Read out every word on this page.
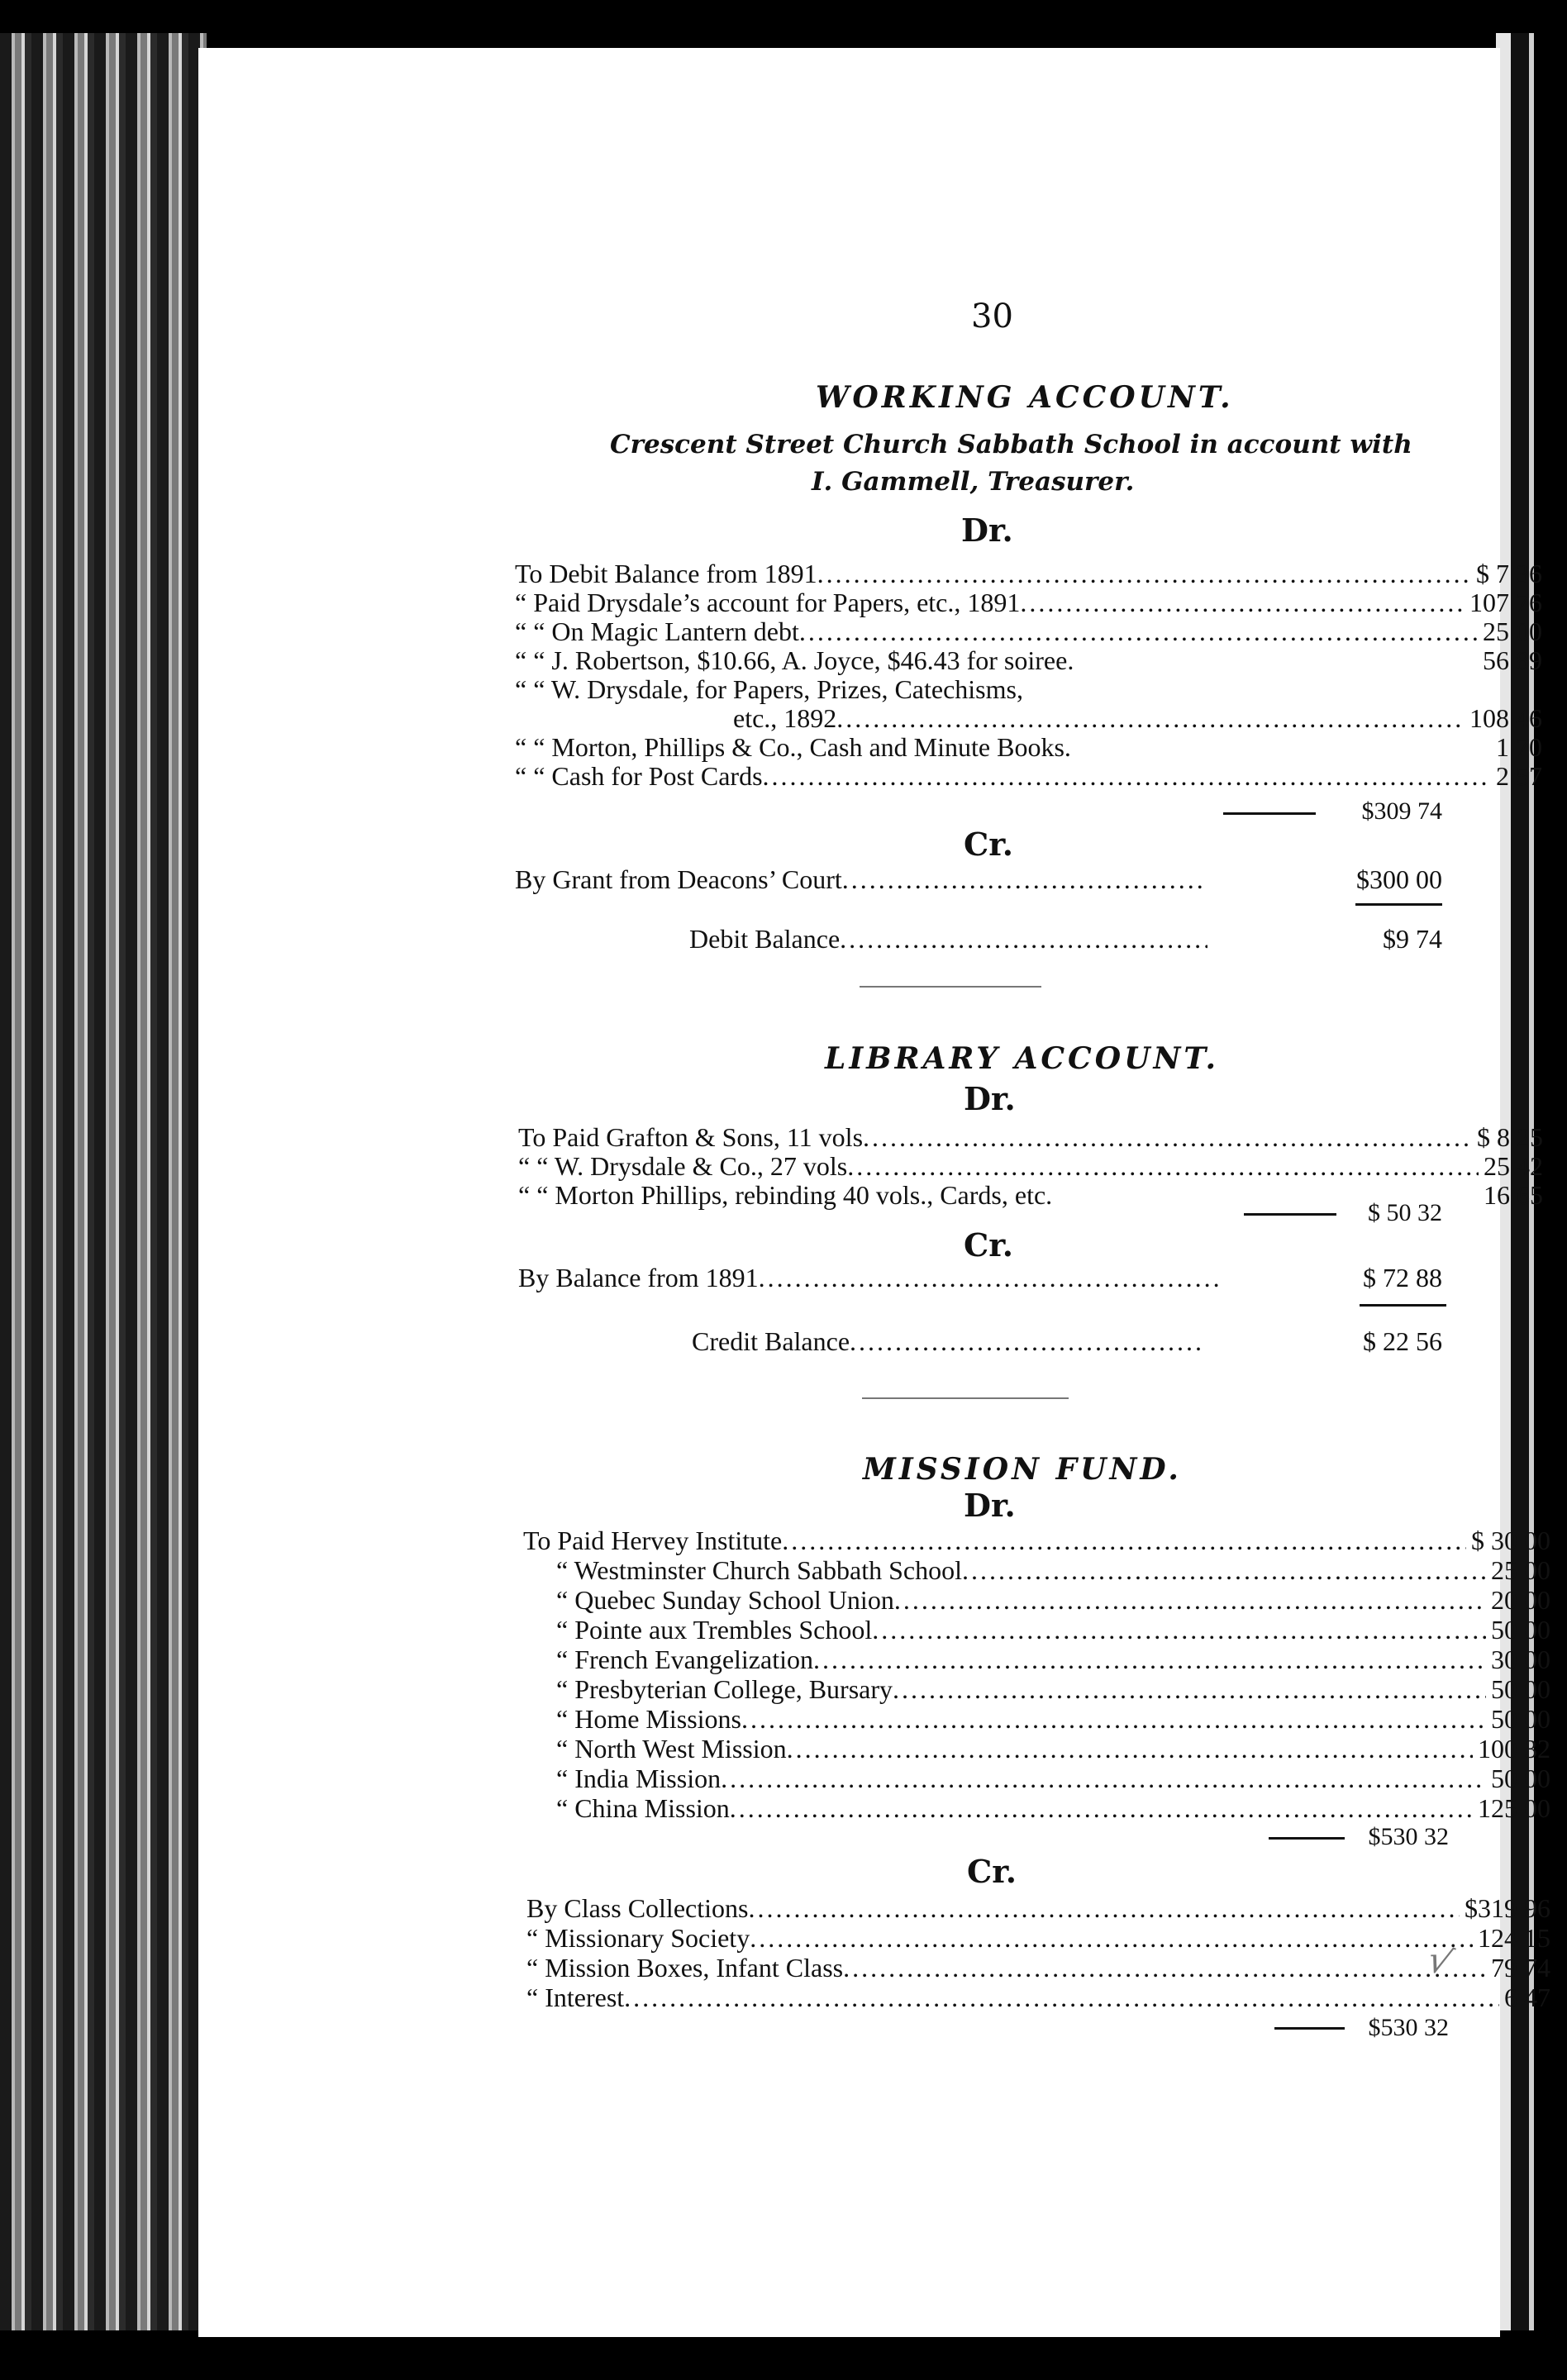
30
WORKING ACCOUNT.
Crescent Street Church Sabbath School in account with
I. Gammell, Treasurer.
Dr.
To Debit Balance from 1891 .....	$ 7 36
“ Paid Drysdale’s account for Papers, etc., 1891 .....	107 76
“ “ On Magic Lantern debt .....	25 00
“ “ J. Robertson, $10.66, A. Joyce, $46.43 for soiree.	56 89
“ “ W. Drysdale, for Papers, Prizes, Catechisms,
etc., 1892 .....	108 46
“ “ Morton, Phillips & Co., Cash and Minute Books.	1 70
“ “ Cash for Post Cards .....	2 57
$309 74
Cr.
By Grant from Deacons’ Court .....	$300 00
Debit Balance .....	$9 74
LIBRARY ACCOUNT.
Dr.
To Paid Grafton & Sons, 11 vols .....	$ 8 25
“ “ W. Drysdale & Co., 27 vols .....	25 42
“ “ Morton Phillips, rebinding 40 vols., Cards, etc.	16 65
$ 50 32
Cr.
By Balance from 1891 .....	$ 72 88
Credit Balance .....	$ 22 56
MISSION FUND.
Dr.
To Paid Hervey Institute .....	$ 30 00
“ Westminster Church Sabbath School .....	25 00
“ Quebec Sunday School Union .....	20 00
“ Pointe aux Trembles School .....	50 00
“ French Evangelization .....	30 00
“ Presbyterian College, Bursary .....	50 00
“ Home Missions .....	50 00
“ North West Mission .....	100 32
“ India Mission .....	50 00
“ China Mission .....	125 00
$530 32
Cr.
By Class Collections .....	$319 96
“ Missionary Society .....	124 15
“ Mission Boxes, Infant Class .....	79 74
“ Interest .....	6 47
√
$530 32
